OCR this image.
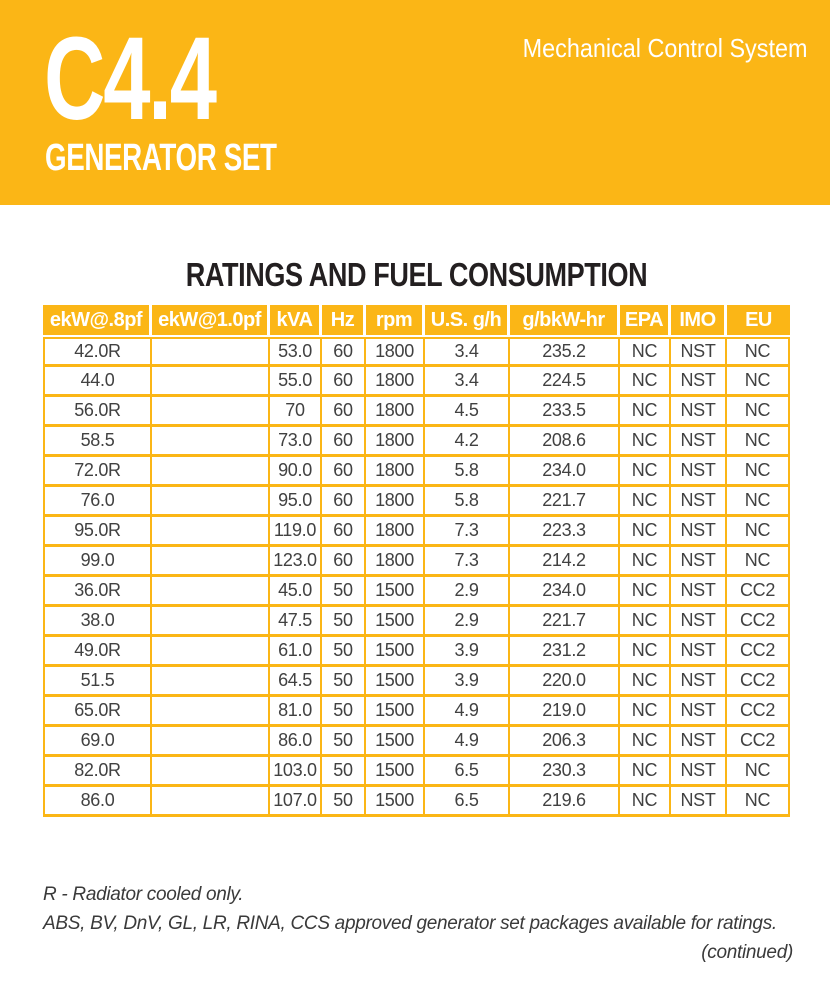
Mechanical Control System
C4.4
GENERATOR SET
RATINGS AND FUEL CONSUMPTION
ekW@.8pf	ekW@1.0pf	kVA	Hz	rpm	U.S. g/h	g/bkW-hr	EPA	IMO	EU
42.0R		53.0	60	1800	3.4	235.2	NC	NST	NC
44.0		55.0	60	1800	3.4	224.5	NC	NST	NC
56.0R		70	60	1800	4.5	233.5	NC	NST	NC
58.5		73.0	60	1800	4.2	208.6	NC	NST	NC
72.0R		90.0	60	1800	5.8	234.0	NC	NST	NC
76.0		95.0	60	1800	5.8	221.7	NC	NST	NC
95.0R		119.0	60	1800	7.3	223.3	NC	NST	NC
99.0		123.0	60	1800	7.3	214.2	NC	NST	NC
36.0R		45.0	50	1500	2.9	234.0	NC	NST	CC2
38.0		47.5	50	1500	2.9	221.7	NC	NST	CC2
49.0R		61.0	50	1500	3.9	231.2	NC	NST	CC2
51.5		64.5	50	1500	3.9	220.0	NC	NST	CC2
65.0R		81.0	50	1500	4.9	219.0	NC	NST	CC2
69.0		86.0	50	1500	4.9	206.3	NC	NST	CC2
82.0R		103.0	50	1500	6.5	230.3	NC	NST	NC
86.0		107.0	50	1500	6.5	219.6	NC	NST	NC

R - Radiator cooled only.

ABS, BV, DnV, GL, LR, RINA, CCS approved generator set packages available for ratings.

(continued)
